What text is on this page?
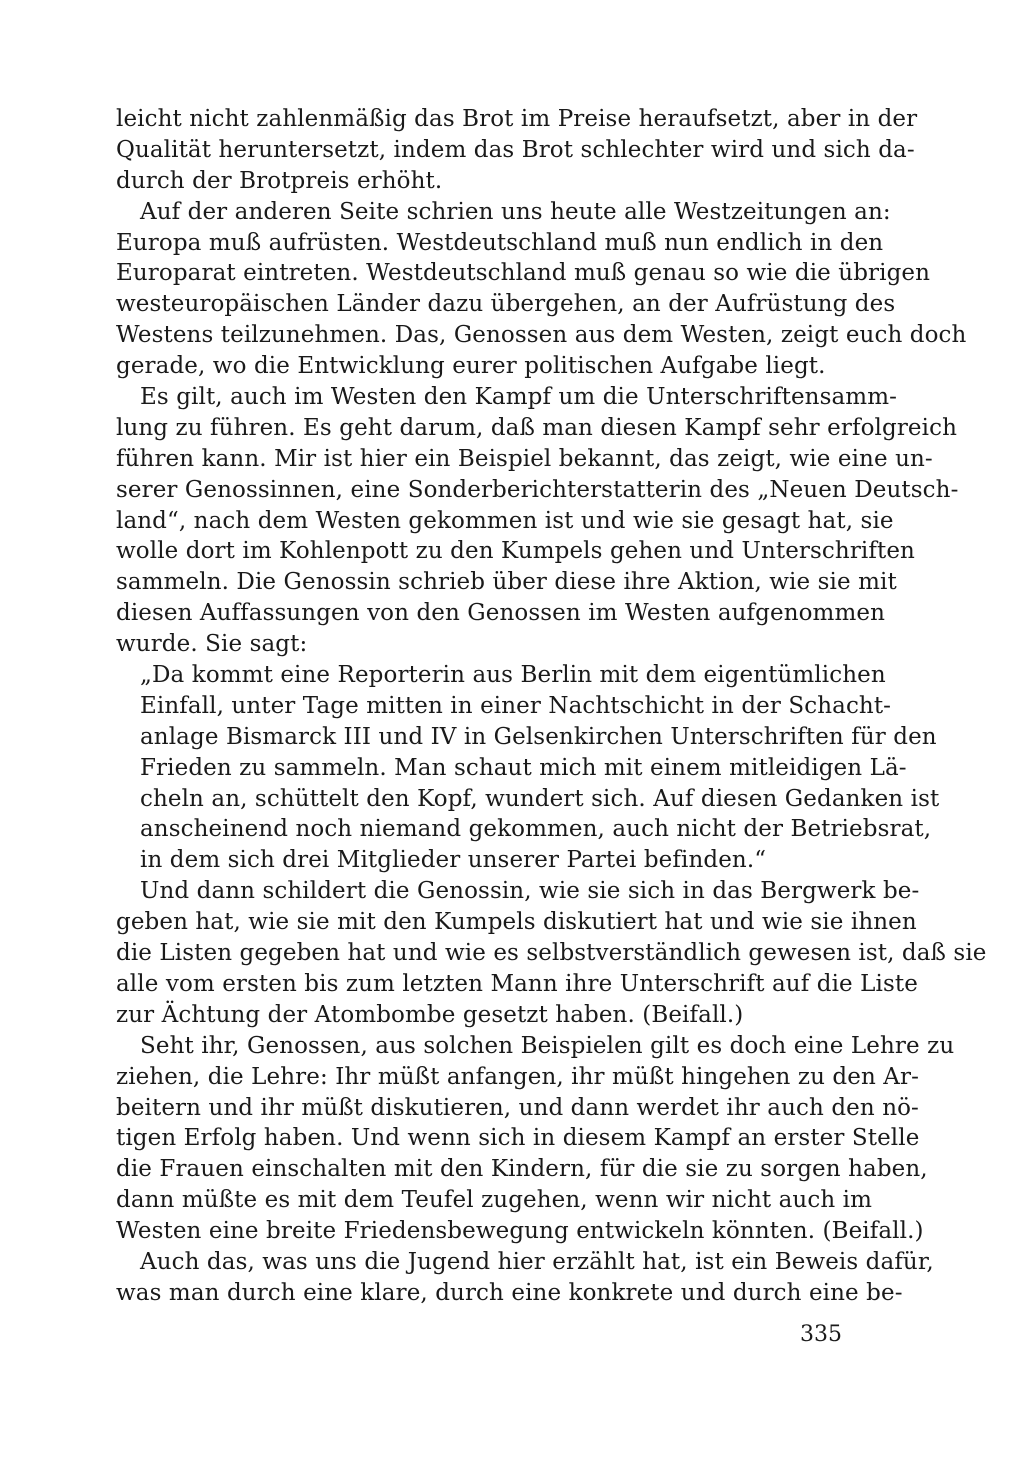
leicht nicht zahlenmäßig das Brot im Preise heraufsetzt, aber in der
Qualität heruntersetzt, indem das Brot schlechter wird und sich da-
durch der Brotpreis erhöht.
Auf der anderen Seite schrien uns heute alle Westzeitungen an:
Europa muß aufrüsten. Westdeutschland muß nun endlich in den
Europarat eintreten. Westdeutschland muß genau so wie die übrigen
westeuropäischen Länder dazu übergehen, an der Aufrüstung des
Westens teilzunehmen. Das, Genossen aus dem Westen, zeigt euch doch
gerade, wo die Entwicklung eurer politischen Aufgabe liegt.
Es gilt, auch im Westen den Kampf um die Unterschriftensamm-
lung zu führen. Es geht darum, daß man diesen Kampf sehr erfolgreich
führen kann. Mir ist hier ein Beispiel bekannt, das zeigt, wie eine un-
serer Genossinnen, eine Sonderberichterstatterin des „Neuen Deutsch-
land“, nach dem Westen gekommen ist und wie sie gesagt hat, sie
wolle dort im Kohlenpott zu den Kumpels gehen und Unterschriften
sammeln. Die Genossin schrieb über diese ihre Aktion, wie sie mit
diesen Auffassungen von den Genossen im Westen aufgenommen
wurde. Sie sagt:
„Da kommt eine Reporterin aus Berlin mit dem eigentümlichen
Einfall, unter Tage mitten in einer Nachtschicht in der Schacht-
anlage Bismarck III und IV in Gelsenkirchen Unterschriften für den
Frieden zu sammeln. Man schaut mich mit einem mitleidigen Lä-
cheln an, schüttelt den Kopf, wundert sich. Auf diesen Gedanken ist
anscheinend noch niemand gekommen, auch nicht der Betriebsrat,
in dem sich drei Mitglieder unserer Partei befinden.“
Und dann schildert die Genossin, wie sie sich in das Bergwerk be-
geben hat, wie sie mit den Kumpels diskutiert hat und wie sie ihnen
die Listen gegeben hat und wie es selbstverständlich gewesen ist, daß sie
alle vom ersten bis zum letzten Mann ihre Unterschrift auf die Liste
zur Ächtung der Atombombe gesetzt haben. (Beifall.)
Seht ihr, Genossen, aus solchen Beispielen gilt es doch eine Lehre zu
ziehen, die Lehre: Ihr müßt anfangen, ihr müßt hingehen zu den Ar-
beitern und ihr müßt diskutieren, und dann werdet ihr auch den nö-
tigen Erfolg haben. Und wenn sich in diesem Kampf an erster Stelle
die Frauen einschalten mit den Kindern, für die sie zu sorgen haben,
dann müßte es mit dem Teufel zugehen, wenn wir nicht auch im
Westen eine breite Friedensbewegung entwickeln könnten. (Beifall.)
Auch das, was uns die Jugend hier erzählt hat, ist ein Beweis dafür,
was man durch eine klare, durch eine konkrete und durch eine be-
335
